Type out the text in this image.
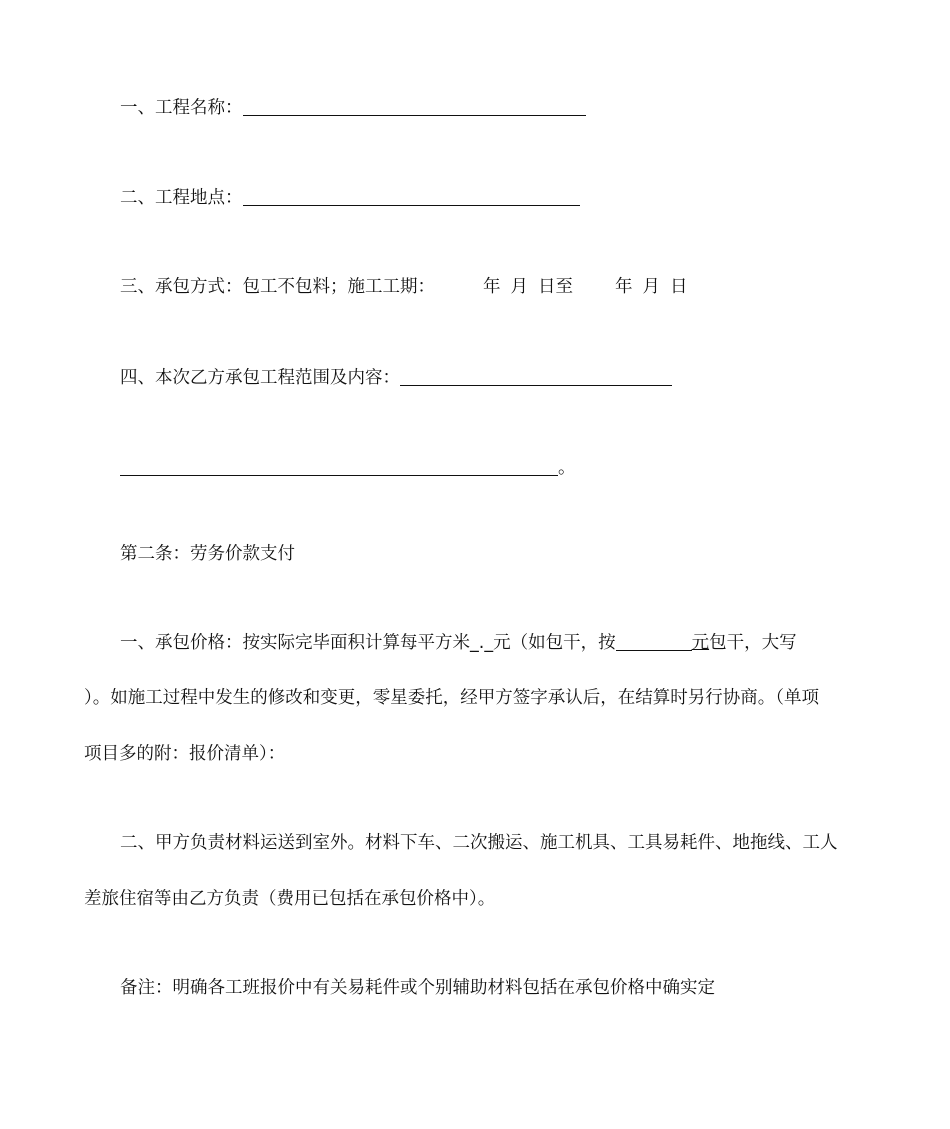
一、工程名称：
二、工程地点：
三、承包方式：包工不包料；施工工期：	年 月 日至 年 月 日
四、本次乙方承包工程范围及内容：
。
第二条：劳务价款支付
一、承包价格：按实际完毕面积计算每平方米_._元（如包干，按	元包干，大写
）。如施工过程中发生的修改和变更，零星委托，经甲方签字承认后，在结算时另行协商。（单项
项目多的附：报价清单）：
二、甲方负责材料运送到室外。材料下车、二次搬运、施工机具、工具易耗件、地拖线、工人
差旅住宿等由乙方负责（费用已包括在承包价格中）。
备注：明确各工班报价中有关易耗件或个别辅助材料包括在承包价格中确实定
